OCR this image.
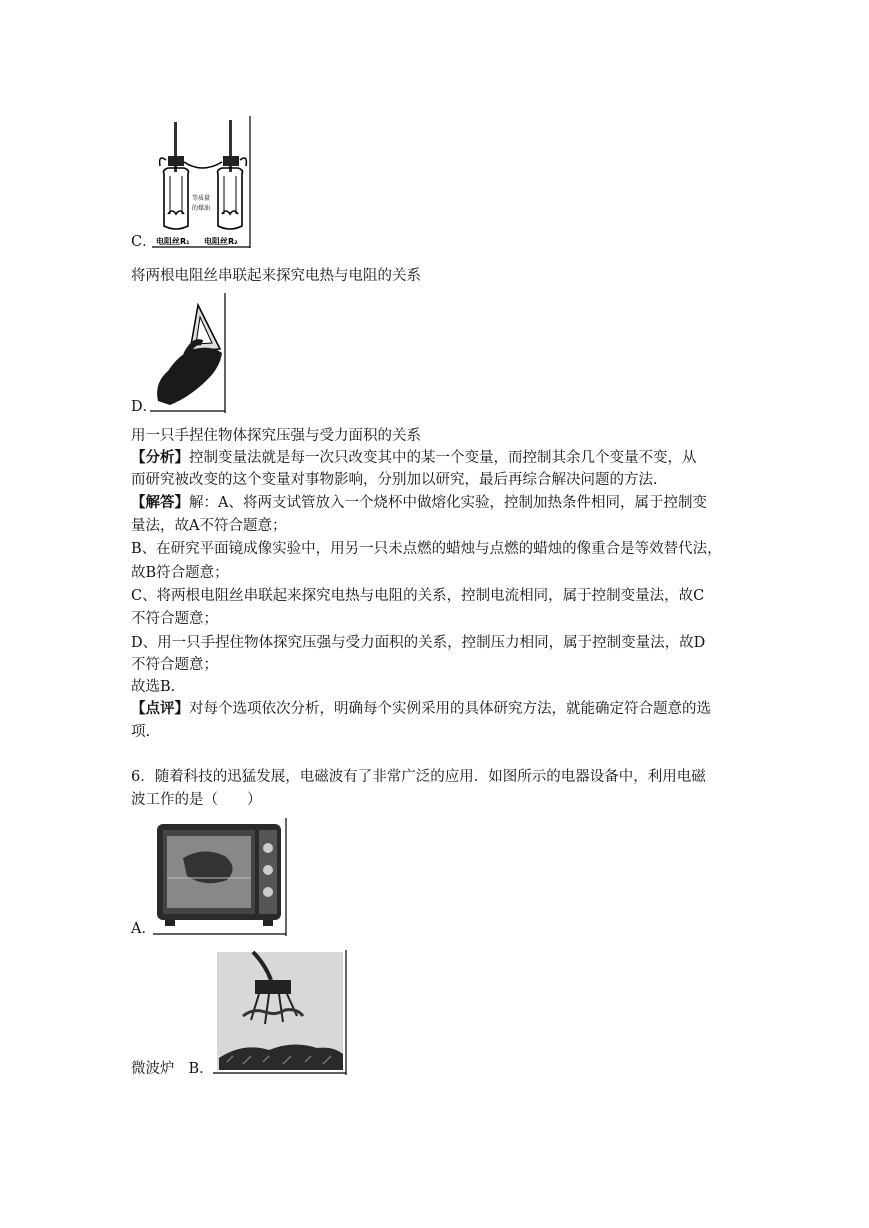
等质量
的煤油
电阻丝R₁ 电阻丝R₂
C．
将两根电阻丝串联起来探究电热与电阻的关系
D．
用一只手捏住物体探究压强与受力面积的关系
【分析】控制变量法就是每一次只改变其中的某一个变量，而控制其余几个变量不变，从
而研究被改变的这个变量对事物影响，分别加以研究，最后再综合解决问题的方法.
【解答】解：A、将两支试管放入一个烧杯中做熔化实验，控制加热条件相同，属于控制变
量法，故A不符合题意；
B、在研究平面镜成像实验中，用另一只未点燃的蜡烛与点燃的蜡烛的像重合是等效替代法，
故B符合题意；
C、将两根电阻丝串联起来探究电热与电阻的关系，控制电流相同，属于控制变量法，故C
不符合题意；
D、用一只手捏住物体探究压强与受力面积的关系，控制压力相同，属于控制变量法，故D
不符合题意；
故选B.
【点评】对每个选项依次分析，明确每个实例采用的具体研究方法，就能确定符合题意的选
项.
6．随着科技的迅猛发展，电磁波有了非常广泛的应用．如图所示的电器设备中，利用电磁
波工作的是（　　）
A．
微波炉 B．
